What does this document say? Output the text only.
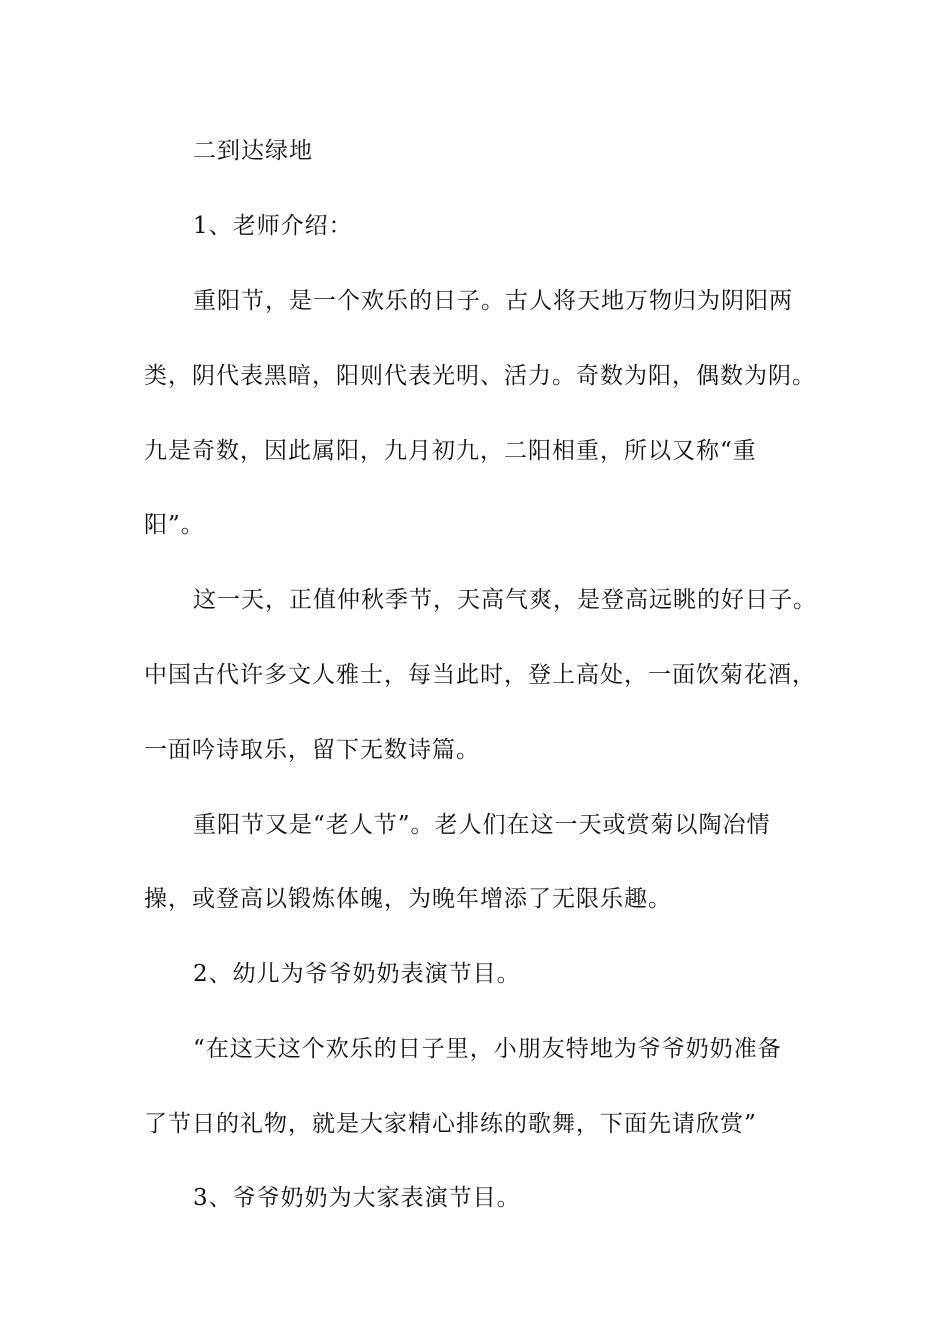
二到达绿地
1、老师介绍：
重阳节，是一个欢乐的日子。古人将天地万物归为阴阳两
类，阴代表黑暗，阳则代表光明、活力。奇数为阳，偶数为阴。
九是奇数，因此属阳，九月初九，二阳相重，所以又称“重
阳”。
这一天，正值仲秋季节，天高气爽，是登高远眺的好日子。
中国古代许多文人雅士，每当此时，登上高处，一面饮菊花酒，
一面吟诗取乐，留下无数诗篇。
重阳节又是“老人节”。老人们在这一天或赏菊以陶冶情
操，或登高以锻炼体魄，为晚年增添了无限乐趣。
2、幼儿为爷爷奶奶表演节目。
“在这天这个欢乐的日子里，小朋友特地为爷爷奶奶准备
了节日的礼物，就是大家精心排练的歌舞，下面先请欣赏”
3、爷爷奶奶为大家表演节目。
